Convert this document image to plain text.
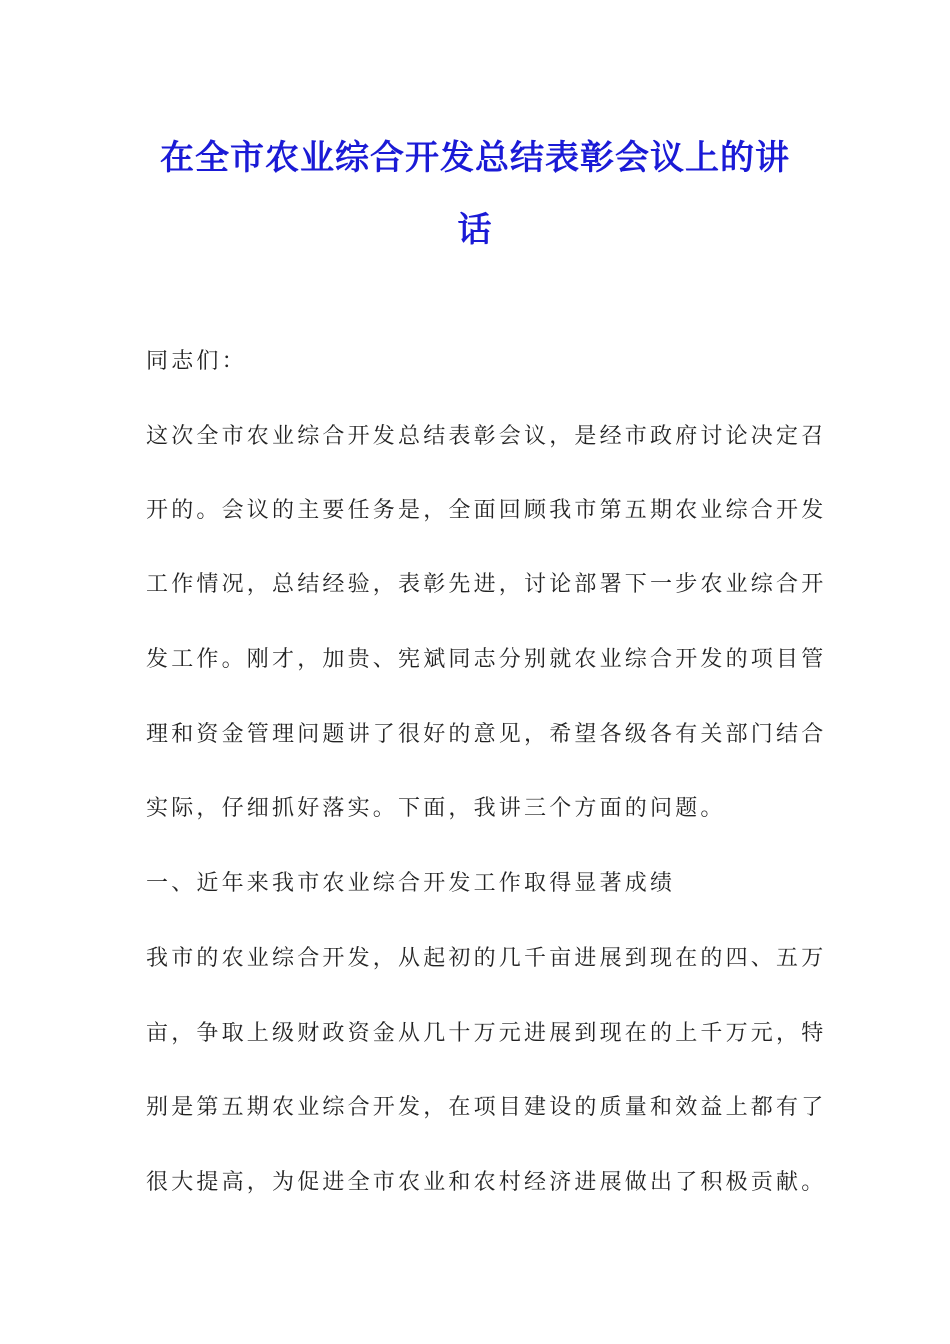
在全市农业综合开发总结表彰会议上的讲
话
同志们：
这次全市农业综合开发总结表彰会议，是经市政府讨论决定召
开的。会议的主要任务是，全面回顾我市第五期农业综合开发
工作情况，总结经验，表彰先进，讨论部署下一步农业综合开
发工作。刚才，加贵、宪斌同志分别就农业综合开发的项目管
理和资金管理问题讲了很好的意见，希望各级各有关部门结合
实际，仔细抓好落实。下面，我讲三个方面的问题。
一、近年来我市农业综合开发工作取得显著成绩
我市的农业综合开发，从起初的几千亩进展到现在的四、五万
亩，争取上级财政资金从几十万元进展到现在的上千万元，特
别是第五期农业综合开发，在项目建设的质量和效益上都有了
很大提高，为促进全市农业和农村经济进展做出了积极贡献。
